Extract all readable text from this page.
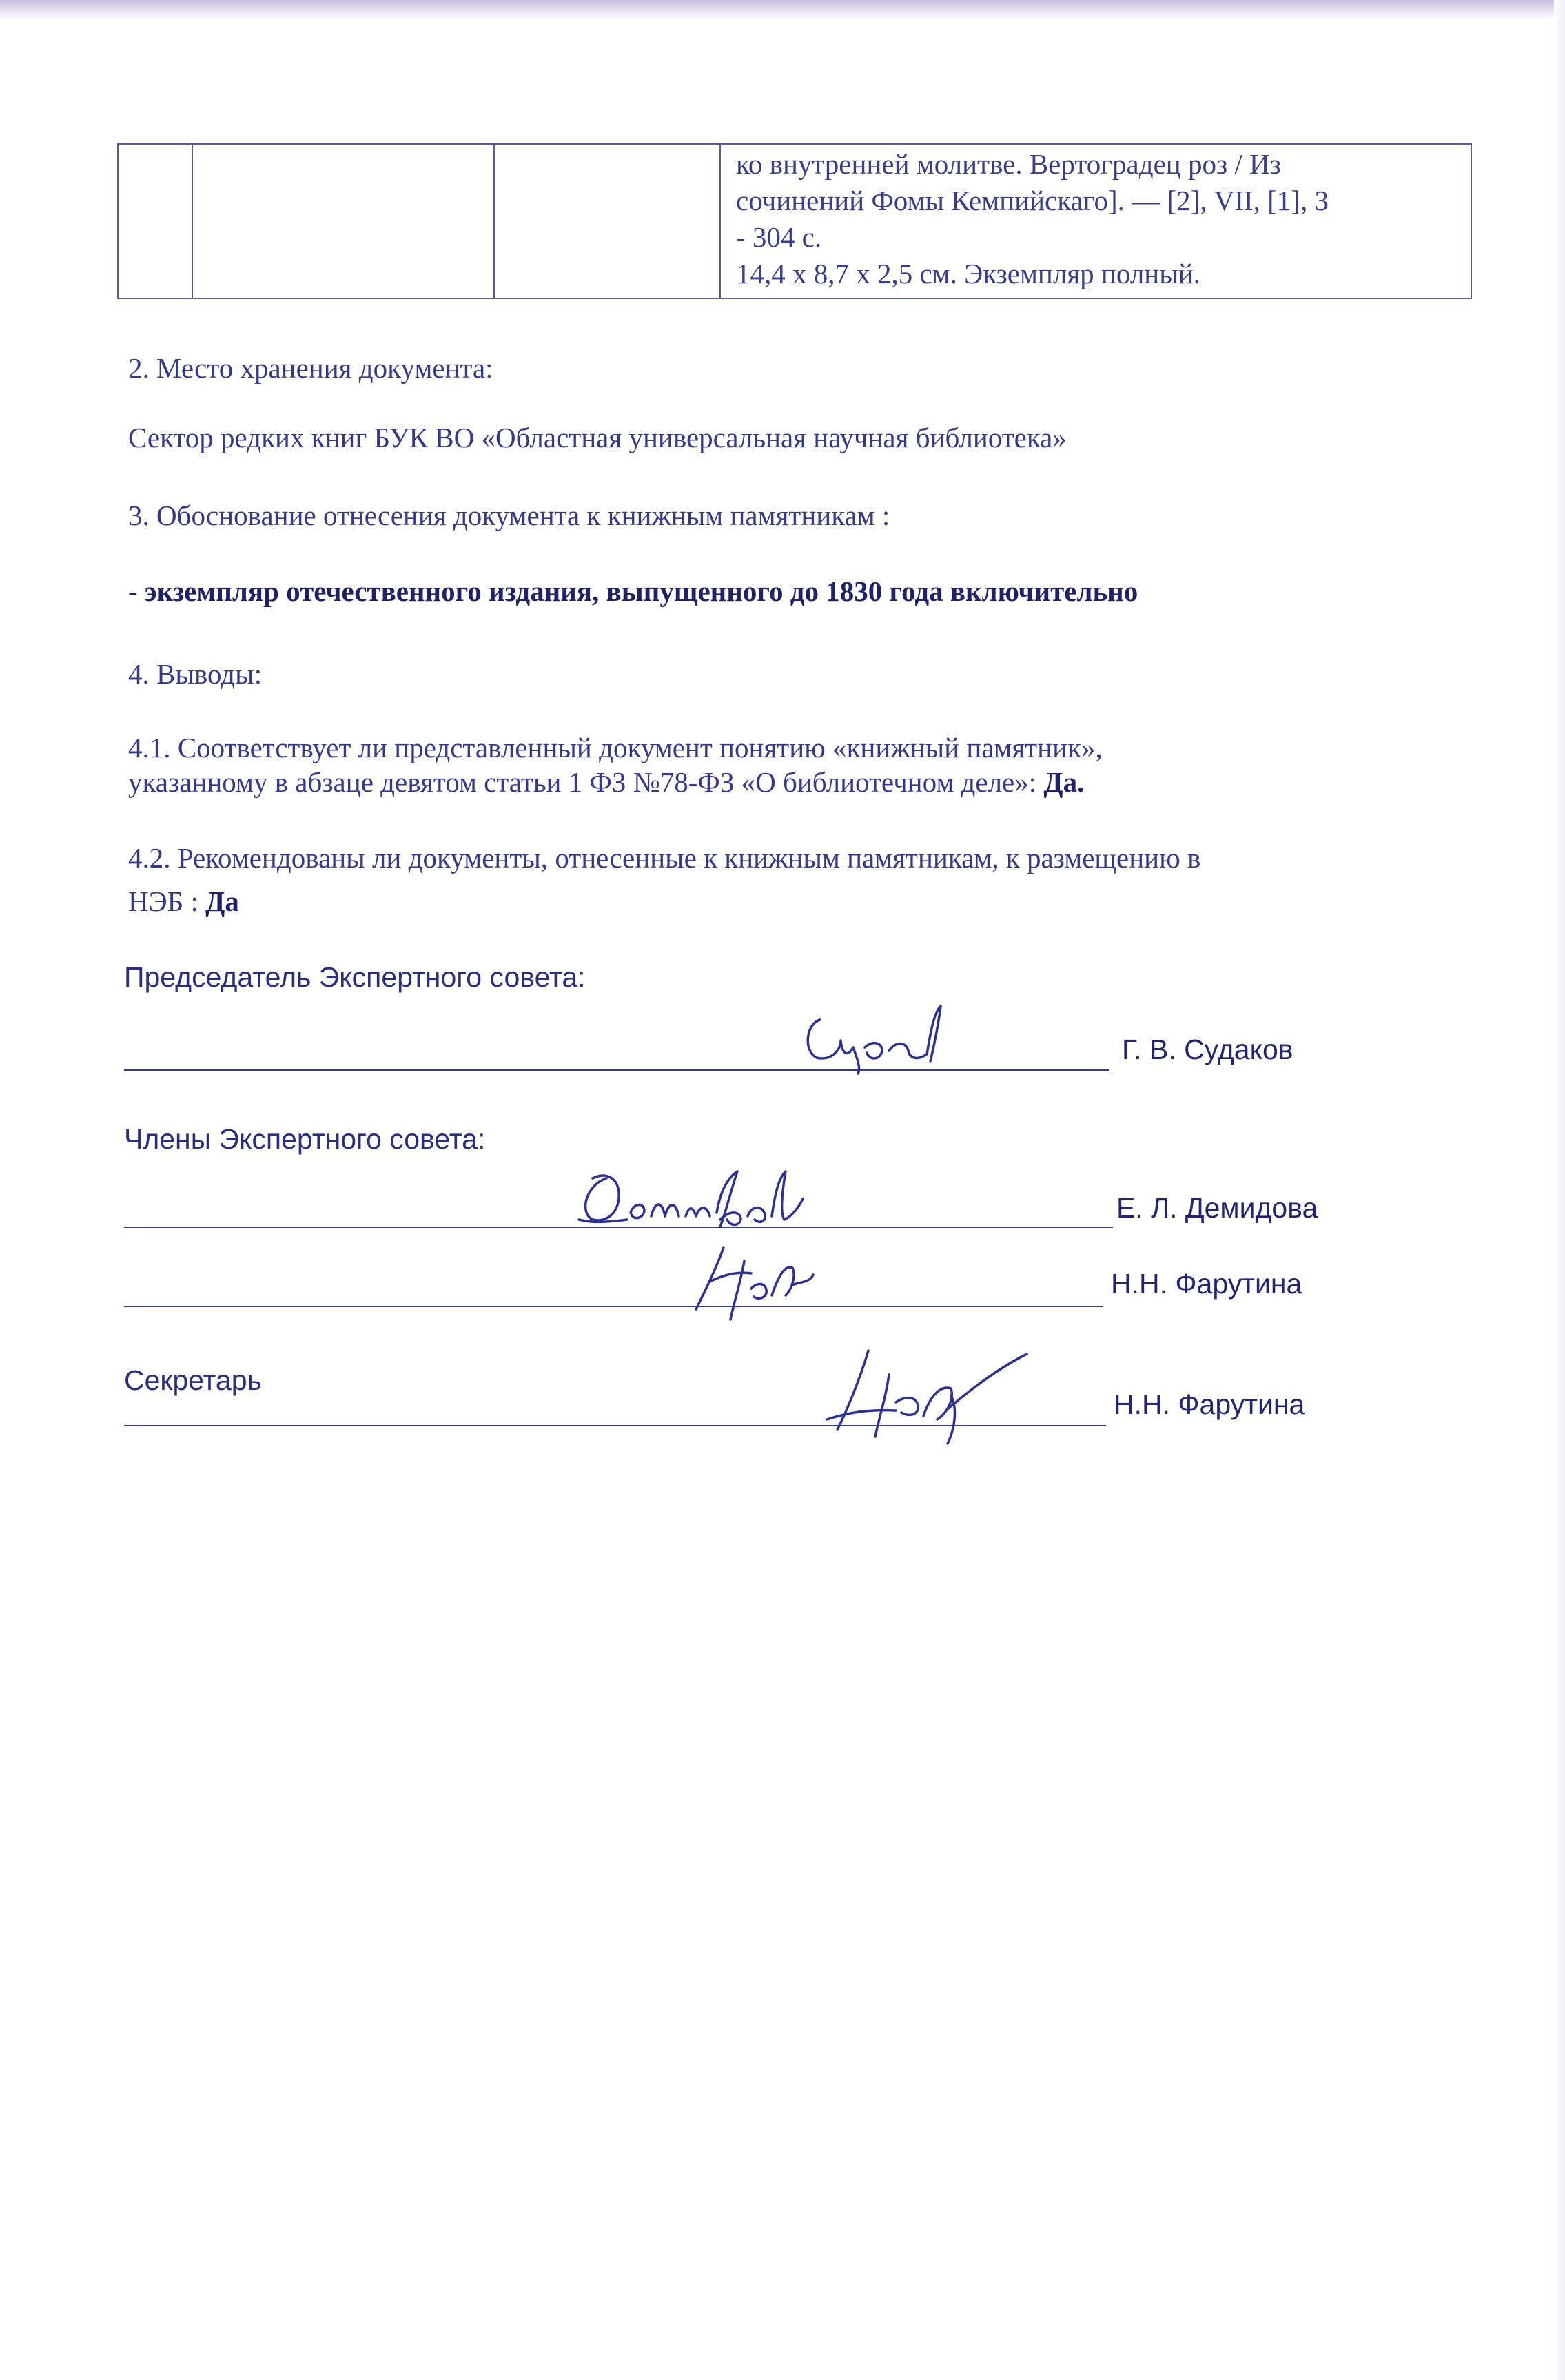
ко внутренней молитве. Вертоградец роз / Из
сочинений Фомы Кемпийскаго]. — [2], VII, [1], 3
- 304 с.
14,4 х 8,7 х 2,5 см. Экземпляр полный.
2. Место хранения документа:
Сектор редких книг БУК ВО «Областная универсальная научная библиотека»
3. Обоснование отнесения документа к книжным памятникам :
- экземпляр отечественного издания, выпущенного до 1830 года включительно
4. Выводы:
4.1. Соответствует ли представленный документ понятию «книжный памятник»,
указанному в абзаце девятом статьи 1 ФЗ №78-ФЗ «О библиотечном деле»: Да.
4.2. Рекомендованы ли документы, отнесенные к книжным памятникам, к размещению в
НЭБ : Да
Председатель Экспертного совета:
Г. В. Судаков
Члены Экспертного совета:
Е. Л. Демидова
Н.Н. Фарутина
Секретарь
Н.Н. Фарутина
